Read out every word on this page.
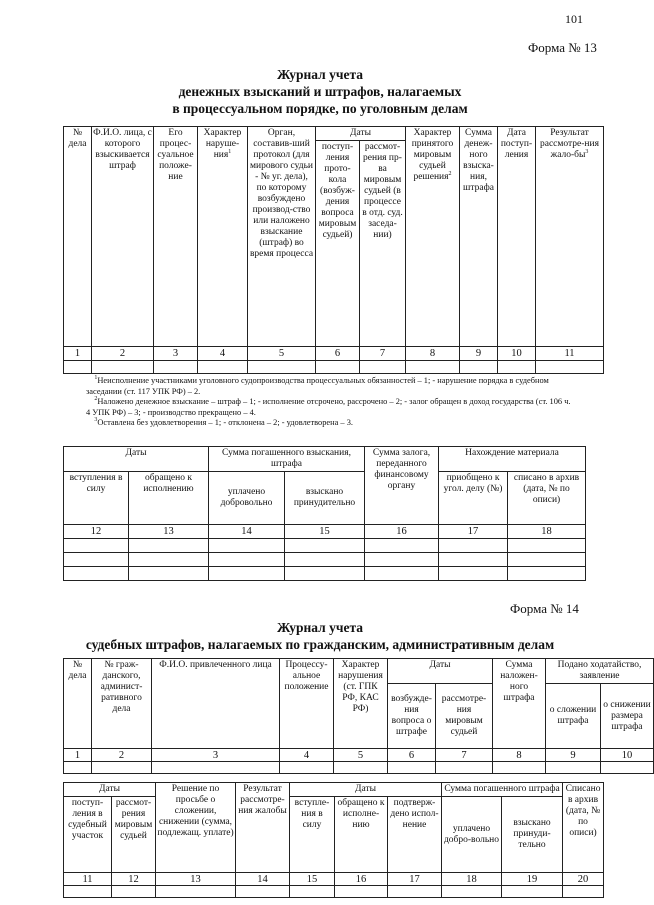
101
Форма № 13
Журнал учета
денежных взысканий и штрафов, налагаемых
в процессуальном порядке, по уголовным делам
№ дела	Ф.И.О. лица, с которого взыскивается штраф	Его процес-суальное положе-ние	Характер наруше-ния$^1$	Орган, составив-ший протокол (для мирового судьи - № уг. дела), по которому возбуждено производ-ство или наложено взыскание (штраф) во время процесса	Даты		Характер принятого мировым судьей решения$^2$	Сумма денеж-ного взыска-ния, штрафа	Дата поступ-ления	Результат рассмотре-ния жало-$бы^3$
					поступ-ления прото-кола (возбуж-дения вопроса мировым судьей)	рассмот-рения пр-ва мировым судьей (в процессе в отд. суд. заседа-нии)				
1	2	3	4	5	6	7	8	9	10	11

$^1$Неисполнение участниками уголовного судопроизводства процессуальных обязанностей – 1; - нарушение порядка в судебном заседании (ст. 117 УПК РФ) – 2.

$^2$Наложено денежное взыскание – штраф – 1; - исполнение отсрочено, рассрочено – 2; - залог обращен в доход государства (ст. 106 ч. 4 УПК РФ) – 3; - производство прекращено – 4.

$^3$Оставлена без удовлетворения – 1; - отклонена – 2; - удовлетворена – 3.

Даты		Сумма погашенного взыскания, штрафа		Сумма залога, переданного финансовому органу	Нахождение материала	
вступления в силу	обращено к исполнению	уплачено добровольно	взыскано принудительно		приобщено к угол. делу (№)	списано в архив (дата, № по описи)
12	13	14	15	16	17	18

Форма № 14
Журнал учета
судебных штрафов, налагаемых по гражданским, административным делам
№ дела	№ граж-данского, админист-ративного дела	Ф.И.О. привлеченного лица	Процессу-альное положение	Характер нарушения (ст. ГПК РФ, КАС РФ)	Даты		Сумма наложен-ного штрафа	Подано ходатайство, заявление	
					возбужде-ния вопроса о штрафе	рассмотре-ния мировым судьей		о сложении штрафа	о снижении размера штрафа
1	2	3	4	5	6	7	8	9	10

Даты		Решение по просьбе о сложении, снижении (сумма, подлежащ. уплате)	Результат рассмотре-ния жалобы	Даты			Сумма погашенного штрафа		Списано в архив (дата, № по описи)
поступ-ления в судебный участок	рассмот-рения мировым судьей			вступле-ния в силу	обращено к исполне-нию	подтверж-дено испол-нение	уплачено добро-вольно	взыскано принуди-тельно	
11	12	13	14	15	16	17	18	19	20
